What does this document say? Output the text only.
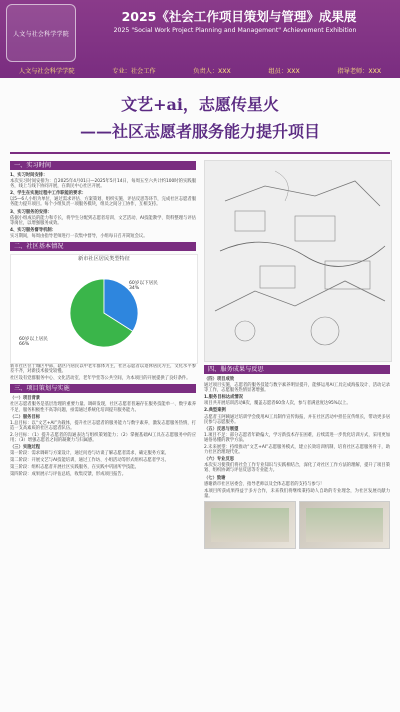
人文与社会科学学院
2025《社会工作项目策划与管理》成果展
2025 "Social Work Project Planning and Management" Achievement Exhibition
人文与社会科学学院	专业：社会工作	负责人：XXX	组员：XXX	指导老师：XXX
文艺+ai，志愿传星火
——社区志愿者服务能力提升项目
一、实习时间
1、实习时间安排：
本次实习时间安排为：自2025年4月01日—2025年5月14日，每周五至六共计约100时的实践服务，线上与线下协同开展，在新民中心社区开展。
2、学生在实施过程中工作职能的要求：
以5—6人小组为单位，通过需求评估、方案策划、组织实施、评估反思等环节，完成社区志愿者服务能力提升项目。每个小组负责一项服务模块，组员之间分工协作，互相支持。
3、实习服务的安排：
依据小组成员的能力和专长，将学生分配到志愿者培训、文艺活动、AI技能教学、资料整理与评估等岗位，以增强服务成效。
4、实习服务督导机制：
实习期间，每周由指导老师进行一次集中督导，小组每日召开简短会议。
二、社区基本情况
新市社区居民类型特征
60岁以下居民
34%
60岁以上居民
66%
新市社区位于城区中部，辖区内居民以中老年群体为主，社区志愿者以退休居民为主，文化水平参差不齐，对新技术接受较慢。
社区设有党群服务中心、文化活动室、老年学堂等公共空间，为本项目的开展提供了良好条件。
三、项目策划与实施
（一）项目背景
社区志愿者服务是基层治理的重要力量。调研发现，社区志愿者普遍存在服务技能单一、数字素养不足、服务积极性不高等问题，亟需通过系统化培训提升服务能力。
（二）服务目标
1.总目标：以“文艺+AI”为载体，提升社区志愿者的服务能力与数字素养，激发志愿服务热情，打造一支高素质的社区志愿者队伍。
2.分目标：（1）提升志愿者的沟通表达与组织策划能力；（2）掌握基础AI工具在志愿服务中的应用；（3）增强志愿者之间的凝聚力与归属感。
（三）实施过程
第一阶段：需求调研与方案设计，通过问卷与访谈了解志愿者需求，确定服务方案。
第二阶段：开展文艺与AI技能培训，通过工作坊、小组活动等形式组织志愿者学习。
第三阶段：组织志愿者开展社区实践服务，在实践中巩固所学技能。
第四阶段：成果展示与评估总结，收集反馈，形成项目报告。
四、服务成果与反思
（四）项目成效
通过项目实施，志愿者的服务技能与数字素养明显提升，能够运用AI工具完成海报设计、活动记录等工作，志愿服务热情显著增强。
1.服务目标达成情况
项目共开展培训活动8次，覆盖志愿者60余人次，参与者满意度达95%以上。
2.典型案例
志愿者王阿姨通过培训学会使用AI工具制作宣传海报，并在社区活动中担任宣传组长，带动更多居民参与志愿服务。
（五）反思与展望
1.项目不足：部分志愿者年龄偏大，学习新技术存在困难，后续需进一步优化培训方式，采用更加通俗易懂的教学方法。
2.未来展望：持续推动“文艺+AI”志愿服务模式，建立长效培训机制，培育社区志愿服务骨干，助力社区治理现代化。
（六）专业反思
本次实习使我们将社会工作专业知识与实践相结合，深化了对社区工作方法的理解，提升了项目策划、组织协调与评估反思等专业能力。
（七）致谢
感谢新市社区居委会、指导老师以及全体志愿者的支持与参与！
本项目所获成果得益于多方合作，未来我们将继续秉持助人自助的专业理念，为社区发展贡献力量。
